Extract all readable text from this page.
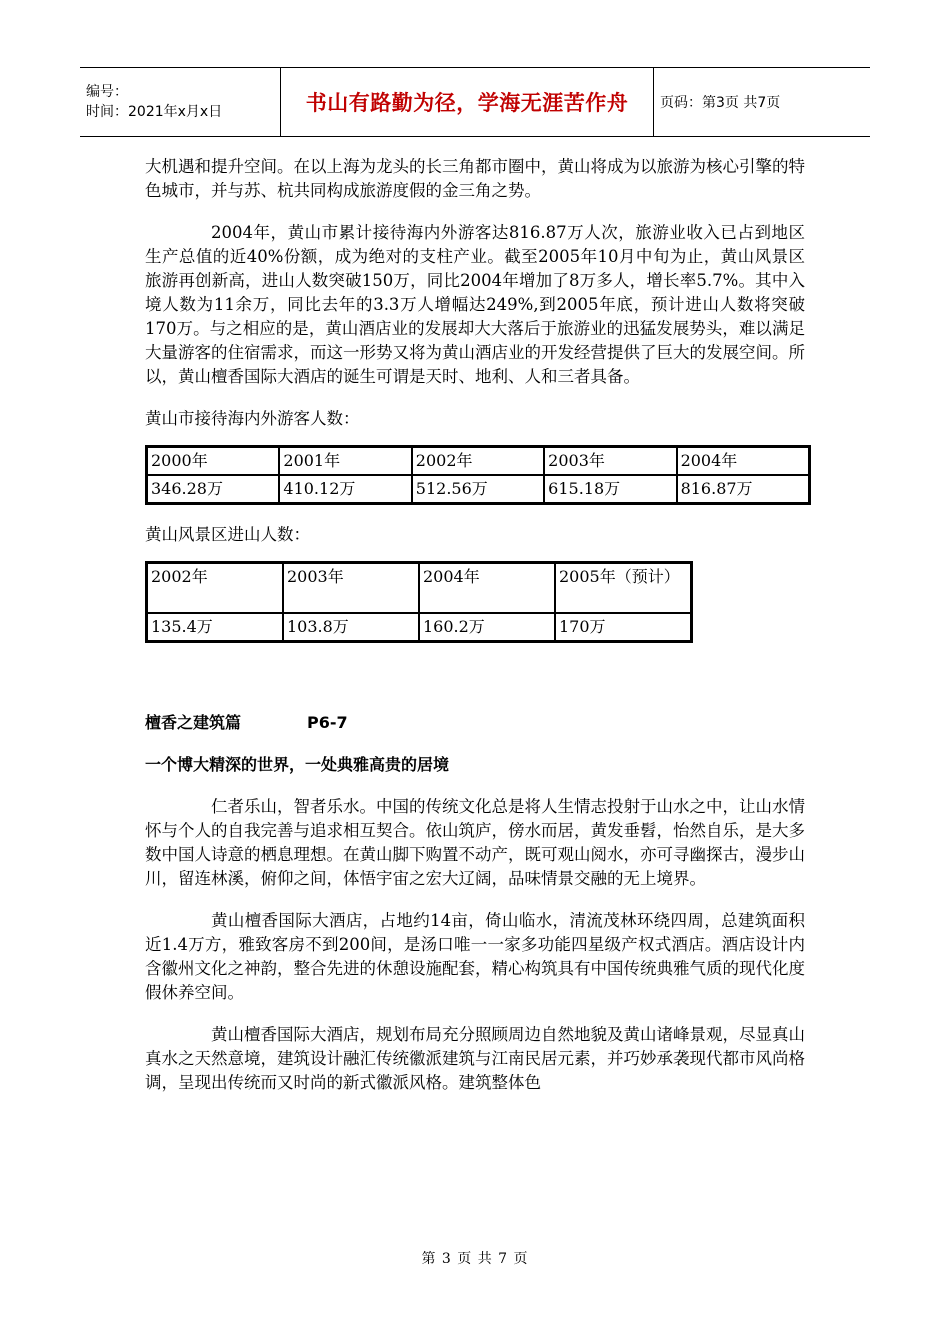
编号：
时间：2021年x月x日	书山有路勤为径，学海无涯苦作舟	页码：第3页 共7页

大机遇和提升空间。在以上海为龙头的长三角都市圈中，黄山将成为以旅游为核心引擎的特色城市，并与苏、杭共同构成旅游度假的金三角之势。

2004年，黄山市累计接待海内外游客达816.87万人次，旅游业收入已占到地区生产总值的近40%份额，成为绝对的支柱产业。截至2005年10月中旬为止，黄山风景区旅游再创新高，进山人数突破150万，同比2004年增加了8万多人，增长率5.7%。其中入境人数为11余万，同比去年的3.3万人增幅达249%,到2005年底，预计进山人数将突破170万。与之相应的是，黄山酒店业的发展却大大落后于旅游业的迅猛发展势头，难以满足大量游客的住宿需求，而这一形势又将为黄山酒店业的开发经营提供了巨大的发展空间。所以，黄山檀香国际大酒店的诞生可谓是天时、地利、人和三者具备。

黄山市接待海内外游客人数：

2000年	2001年	2002年	2003年	2004年
346.28万	410.12万	512.56万	615.18万	816.87万

黄山风景区进山人数：

2002年	2003年	2004年	2005年（预计）
135.4万	103.8万	160.2万	170万

檀香之建筑篇	P6-7

一个博大精深的世界，一处典雅高贵的居境

仁者乐山，智者乐水。中国的传统文化总是将人生情志投射于山水之中，让山水情怀与个人的自我完善与追求相互契合。依山筑庐，傍水而居，黄发垂髫，怡然自乐，是大多数中国人诗意的栖息理想。在黄山脚下购置不动产，既可观山阅水，亦可寻幽探古，漫步山川，留连林溪，俯仰之间，体悟宇宙之宏大辽阔，品味情景交融的无上境界。

黄山檀香国际大酒店，占地约14亩，倚山临水，清流茂林环绕四周，总建筑面积近1.4万方，雅致客房不到200间，是汤口唯一一家多功能四星级产权式酒店。酒店设计内含徽州文化之神韵，整合先进的休憩设施配套，精心构筑具有中国传统典雅气质的现代化度假休养空间。

黄山檀香国际大酒店，规划布局充分照顾周边自然地貌及黄山诸峰景观，尽显真山真水之天然意境，建筑设计融汇传统徽派建筑与江南民居元素，并巧妙承袭现代都市风尚格调，呈现出传统而又时尚的新式徽派风格。建筑整体色

第 3 页 共 7 页
